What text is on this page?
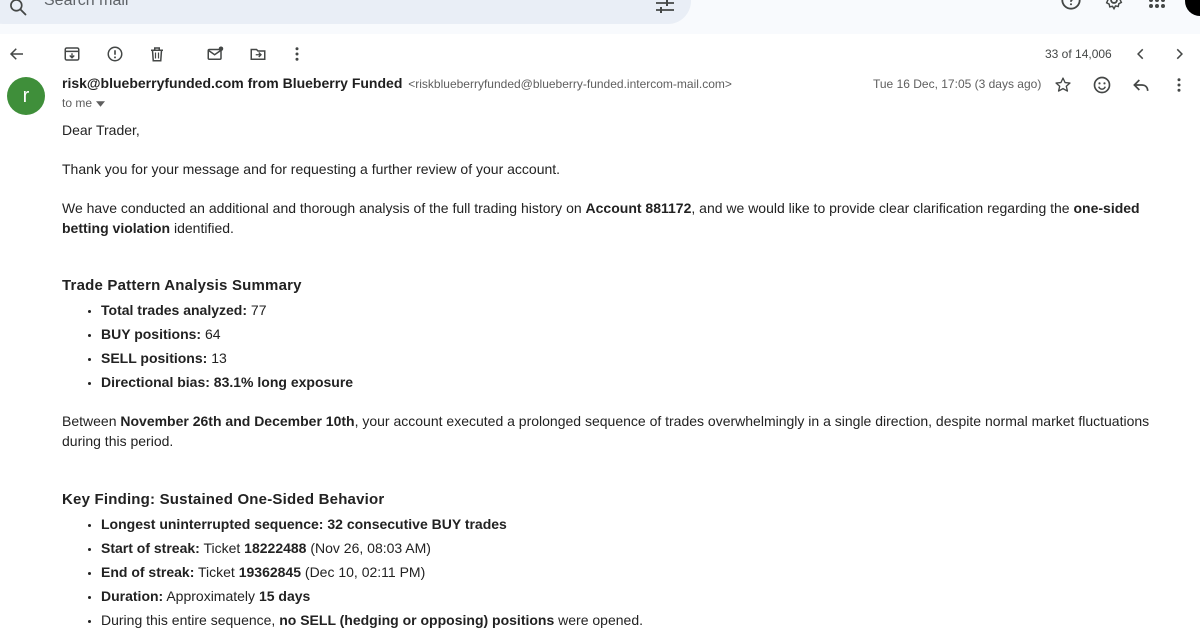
Search mail
33 of 14,006
r
risk@blueberryfunded.com from Blueberry Funded <riskblueberryfunded@blueberry-funded.intercom-mail.com>
to me
Tue 16 Dec, 17:05 (3 days ago)
Dear Trader,
Thank you for your message and for requesting a further review of your account.
We have conducted an additional and thorough analysis of the full trading history on Account 881172, and we would like to provide clear clarification regarding the one-sided betting violation identified.
Trade Pattern Analysis Summary
• Total trades analyzed: 77
• BUY positions: 64
• SELL positions: 13
• Directional bias: 83.1% long exposure
Between November 26th and December 10th, your account executed a prolonged sequence of trades overwhelmingly in a single direction, despite normal market fluctuations during this period.
Key Finding: Sustained One-Sided Behavior
• Longest uninterrupted sequence: 32 consecutive BUY trades
• Start of streak: Ticket 18222488 (Nov 26, 08:03 AM)
• End of streak: Ticket 19362845 (Dec 10, 02:11 PM)
• Duration: Approximately 15 days
• During this entire sequence, no SELL (hedging or opposing) positions were opened.
